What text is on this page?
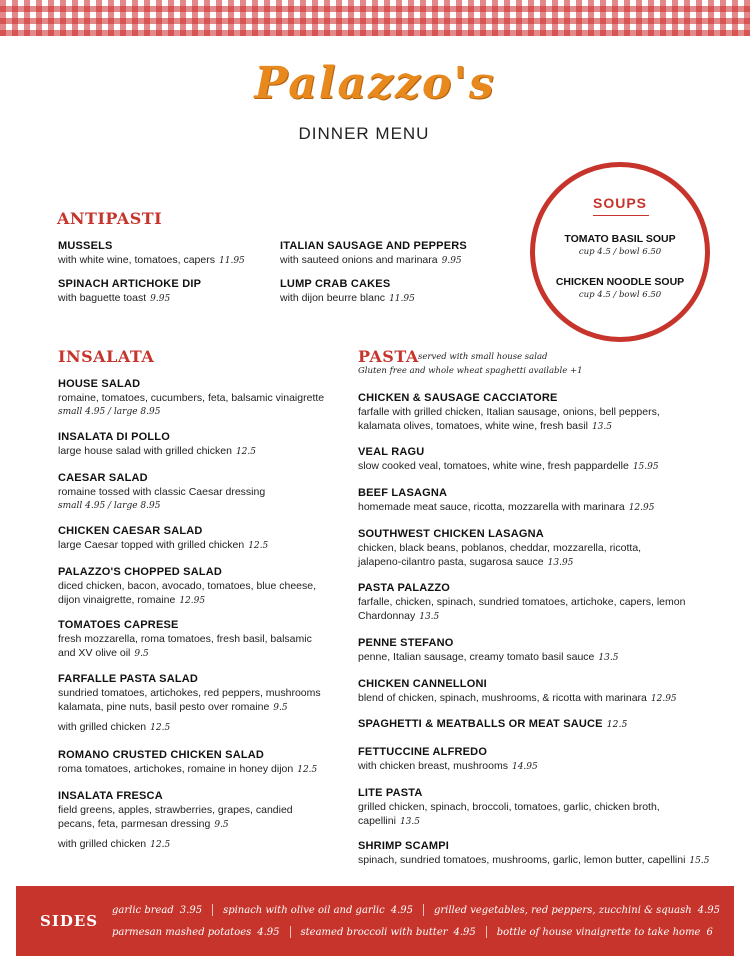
Palazzo's
DINNER MENU
ANTIPASTI
MUSSELS
with white wine, tomatoes, capers 11.95
ITALIAN SAUSAGE AND PEPPERS
with sauteed onions and marinara 9.95
SPINACH ARTICHOKE DIP
with baguette toast 9.95
LUMP CRAB CAKES
with dijon beurre blanc 11.95
SOUPS
TOMATO BASIL SOUP
cup 4.5 / bowl 6.50
CHICKEN NOODLE SOUP
cup 4.5 / bowl 6.50
INSALATA
HOUSE SALAD
romaine, tomatoes, cucumbers, feta, balsamic vinaigrette
small 4.95 / large 8.95
INSALATA DI POLLO
large house salad with grilled chicken 12.5
CAESAR SALAD
romaine tossed with classic Caesar dressing
small 4.95 / large 8.95
CHICKEN CAESAR SALAD
large Caesar topped with grilled chicken 12.5
PALAZZO'S CHOPPED SALAD
diced chicken, bacon, avocado, tomatoes, blue cheese, dijon vinaigrette, romaine 12.95
TOMATOES CAPRESE
fresh mozzarella, roma tomatoes, fresh basil, balsamic and XV olive oil 9.5
FARFALLE PASTA SALAD
sundried tomatoes, artichokes, red peppers, mushrooms kalamata, pine nuts, basil pesto over romaine 9.5
with grilled chicken 12.5
ROMANO CRUSTED CHICKEN SALAD
roma tomatoes, artichokes, romaine in honey dijon 12.5
INSALATA FRESCA
field greens, apples, strawberries, grapes, candied pecans, feta, parmesan dressing 9.5
with grilled chicken 12.5
PASTA served with small house salad
Gluten free and whole wheat spaghetti available +1
CHICKEN & SAUSAGE CACCIATORE
farfalle with grilled chicken, Italian sausage, onions, bell peppers, kalamata olives, tomatoes, white wine, fresh basil 13.5
VEAL RAGU
slow cooked veal, tomatoes, white wine, fresh pappardelle 15.95
BEEF LASAGNA
homemade meat sauce, ricotta, mozzarella with marinara 12.95
SOUTHWEST CHICKEN LASAGNA
chicken, black beans, poblanos, cheddar, mozzarella, ricotta, jalapeno-cilantro pasta, sugarosa sauce 13.95
PASTA PALAZZO
farfalle, chicken, spinach, sundried tomatoes, artichoke, capers, lemon Chardonnay 13.5
PENNE STEFANO
penne, Italian sausage, creamy tomato basil sauce 13.5
CHICKEN CANNELLONI
blend of chicken, spinach, mushrooms, & ricotta with marinara 12.95
SPAGHETTI & MEATBALLS OR MEAT SAUCE 12.5
FETTUCCINE ALFREDO
with chicken breast, mushrooms 14.95
LITE PASTA
grilled chicken, spinach, broccoli, tomatoes, garlic, chicken broth, capellini 13.5
SHRIMP SCAMPI
spinach, sundried tomatoes, mushrooms, garlic, lemon butter, capellini 15.5
SIDES
garlic bread 3.95 spinach with olive oil and garlic 4.95 grilled vegetables, red peppers, zucchini & squash 4.95
parmesan mashed potatoes 4.95 steamed broccoli with butter 4.95 bottle of house vinaigrette to take home 6
